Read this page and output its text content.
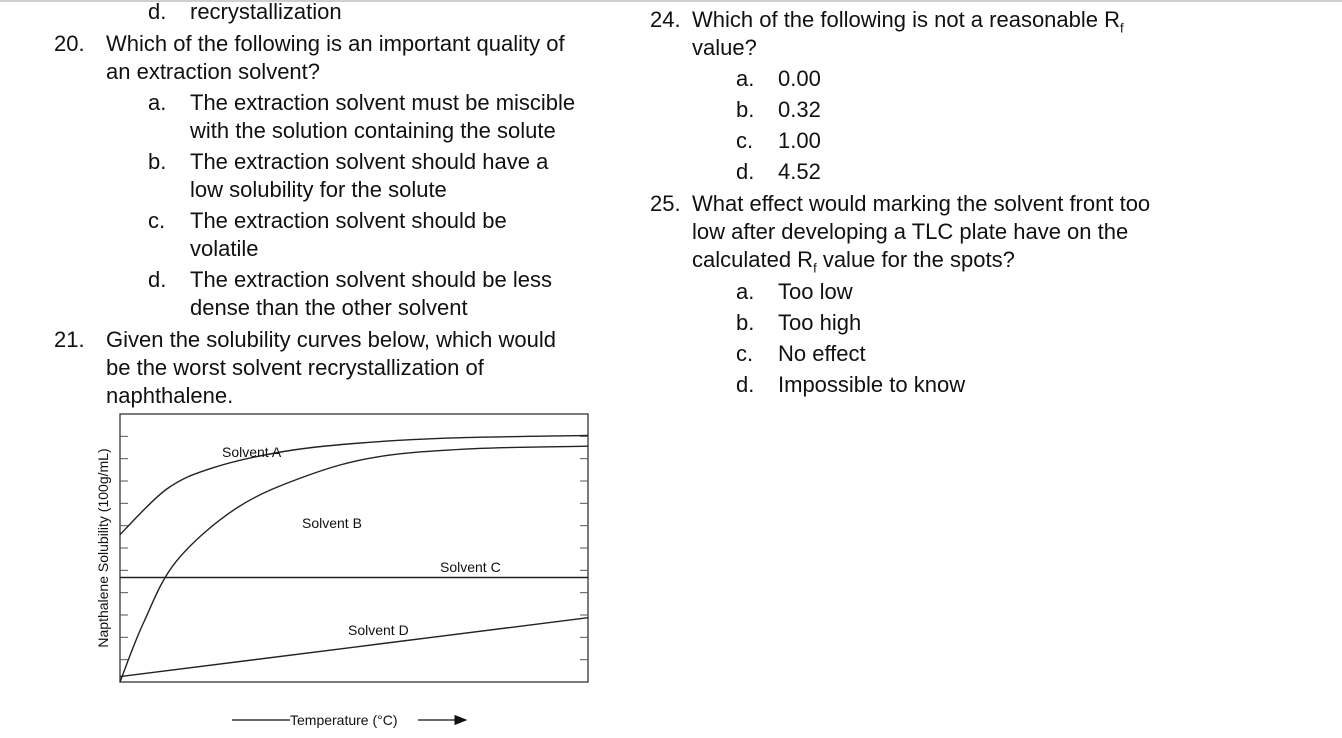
d. recrystallization
20. Which of the following is an important quality of
an extraction solvent?
a. The extraction solvent must be miscible
with the solution containing the solute
b. The extraction solvent should have a
low solubility for the solute
c. The extraction solvent should be
volatile
d. The extraction solvent should be less
dense than the other solvent
21. Given the solubility curves below, which would
be the worst solvent recrystallization of
naphthalene.
Solvent A
Solvent B
Solvent C
Solvent D
Napthalene Solubility (100g/mL)
Temperature (°C)
24. Which of the following is not a reasonable $R_f$
value?
a. 0.00
b. 0.32
c. 1.00
d. 4.52
25. What effect would marking the solvent front too
low after developing a TLC plate have on the
calculated $R_f$ value for the spots?
a. Too low
b. Too high
c. No effect
d. Impossible to know
